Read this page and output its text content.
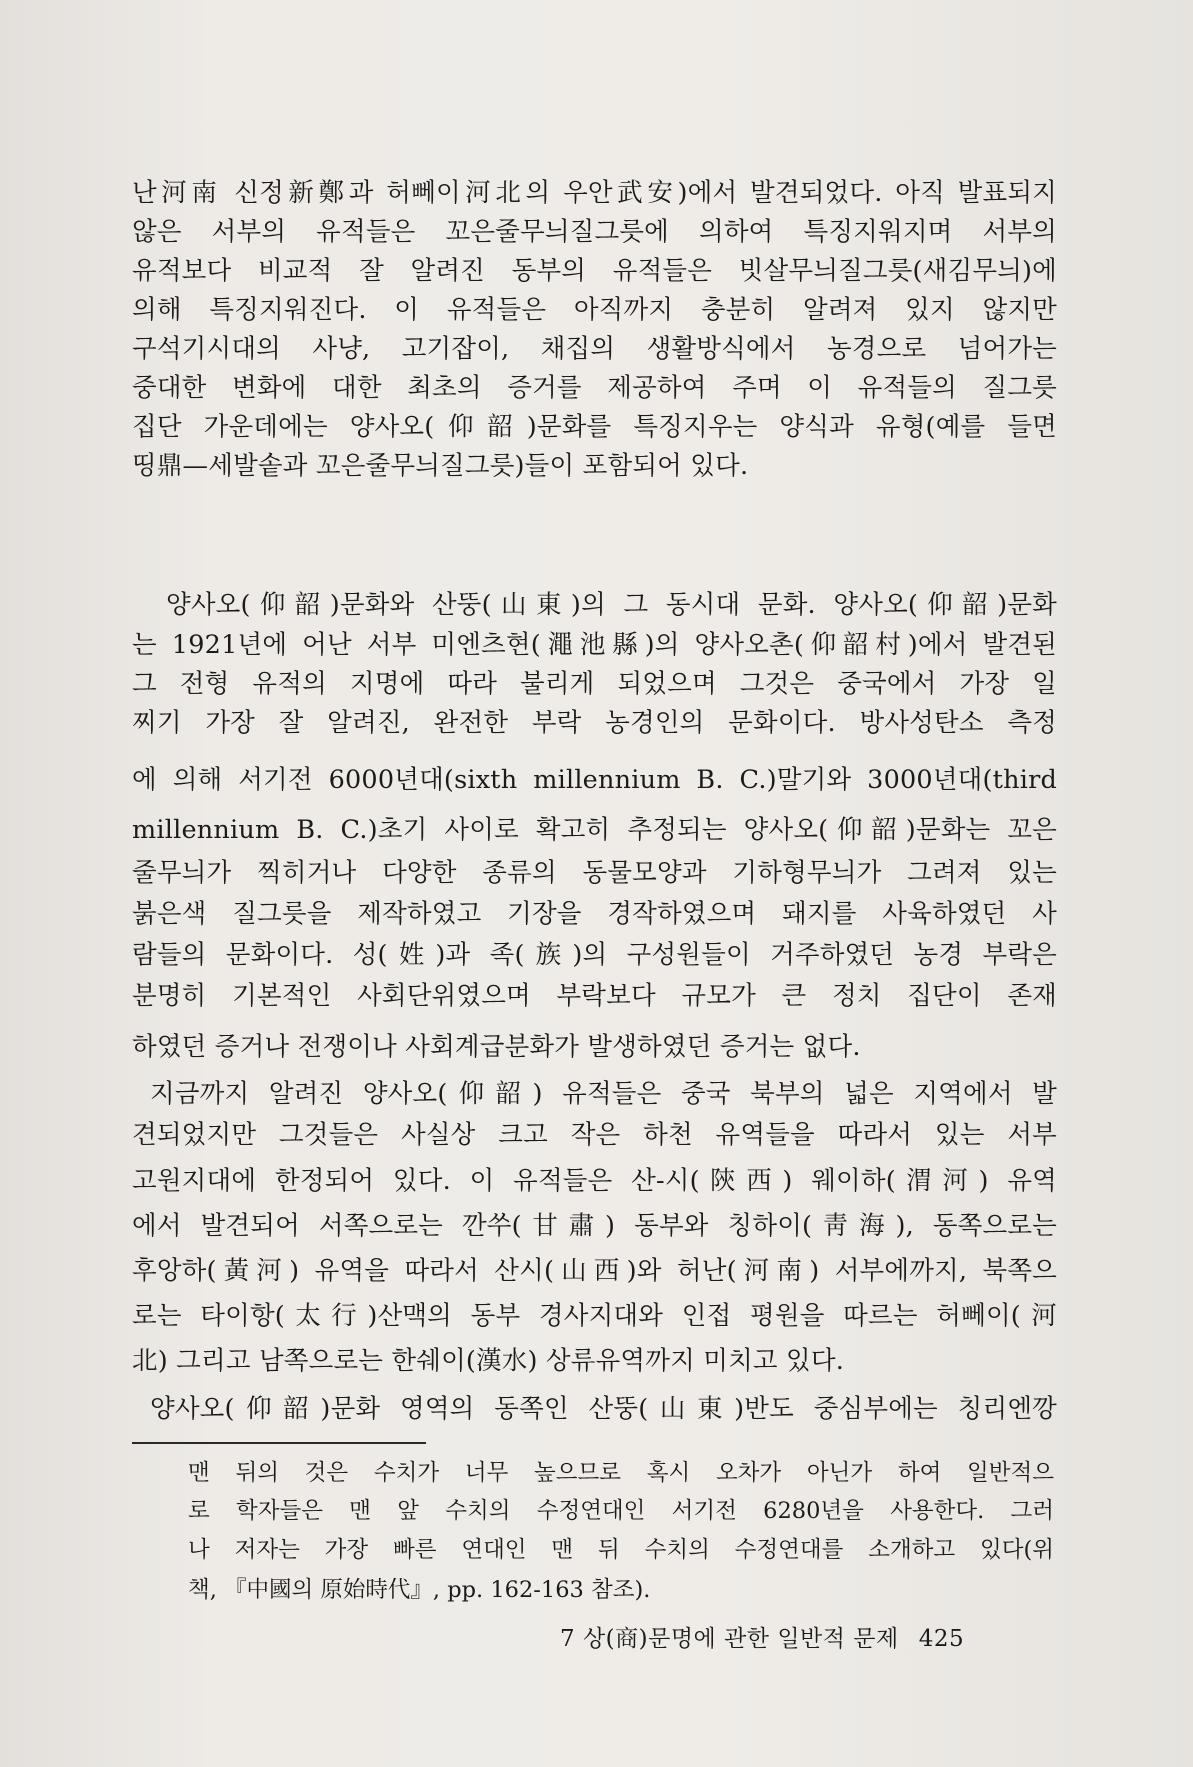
난河南 신정新鄭과 허뻬이河北의 우안武安)에서 발견되었다. 아직 발표되지
않은 서부의 유적들은 꼬은줄무늬질그릇에 의하여 특징지워지며 서부의
유적보다 비교적 잘 알려진 동부의 유적들은 빗살무늬질그릇(새김무늬)에
의해 특징지워진다. 이 유적들은 아직까지 충분히 알려져 있지 않지만
구석기시대의 사냥, 고기잡이, 채집의 생활방식에서 농경으로 넘어가는
중대한 변화에 대한 최초의 증거를 제공하여 주며 이 유적들의 질그릇
집단 가운데에는 양사오(仰韶)문화를 특징지우는 양식과 유형(예를 들면
띵鼎—세발솥과 꼬은줄무늬질그릇)들이 포함되어 있다.
양사오(仰韶)문화와 산뚱(山東)의 그 동시대 문화. 양사오(仰韶)문화
는 1921년에 어난 서부 미엔츠현(澠池縣)의 양사오촌(仰韶村)에서 발견된
그 전형 유적의 지명에 따라 불리게 되었으며 그것은 중국에서 가장 일
찌기 가장 잘 알려진, 완전한 부락 농경인의 문화이다. 방사성탄소 측정
에 의해 서기전 6000년대(sixth millennium B. C.)말기와 3000년대(third
millennium B. C.)초기 사이로 확고히 추정되는 양사오(仰韶)문화는 꼬은
줄무늬가 찍히거나 다양한 종류의 동물모양과 기하형무늬가 그려져 있는
붉은색 질그릇을 제작하였고 기장을 경작하였으며 돼지를 사육하였던 사
람들의 문화이다. 성(姓)과 족(族)의 구성원들이 거주하였던 농경 부락은
분명히 기본적인 사회단위였으며 부락보다 규모가 큰 정치 집단이 존재
하였던 증거나 전쟁이나 사회계급분화가 발생하였던 증거는 없다.
지금까지 알려진 양사오(仰韶) 유적들은 중국 북부의 넓은 지역에서 발
견되었지만 그것들은 사실상 크고 작은 하천 유역들을 따라서 있는 서부
고원지대에 한정되어 있다. 이 유적들은 산-시(陝西) 웨이하(渭河) 유역
에서 발견되어 서쪽으로는 깐쑤(甘肅) 동부와 칭하이(靑海), 동쪽으로는
후앙하(黃河) 유역을 따라서 산시(山西)와 허난(河南) 서부에까지, 북쪽으
로는 타이항(太行)산맥의 동부 경사지대와 인접 평원을 따르는 허뻬이(河
北) 그리고 남쪽으로는 한쉐이(漢水) 상류유역까지 미치고 있다.
양사오(仰韶)문화 영역의 동쪽인 산뚱(山東)반도 중심부에는 칭리엔깡
맨 뒤의 것은 수치가 너무 높으므로 혹시 오차가 아닌가 하여 일반적으
로 학자들은 맨 앞 수치의 수정연대인 서기전 6280년을 사용한다. 그러
나 저자는 가장 빠른 연대인 맨 뒤 수치의 수정연대를 소개하고 있다(위
책, 『中國의 原始時代』, pp. 162-163 참조).
7 상(商)문명에 관한 일반적 문제 425
